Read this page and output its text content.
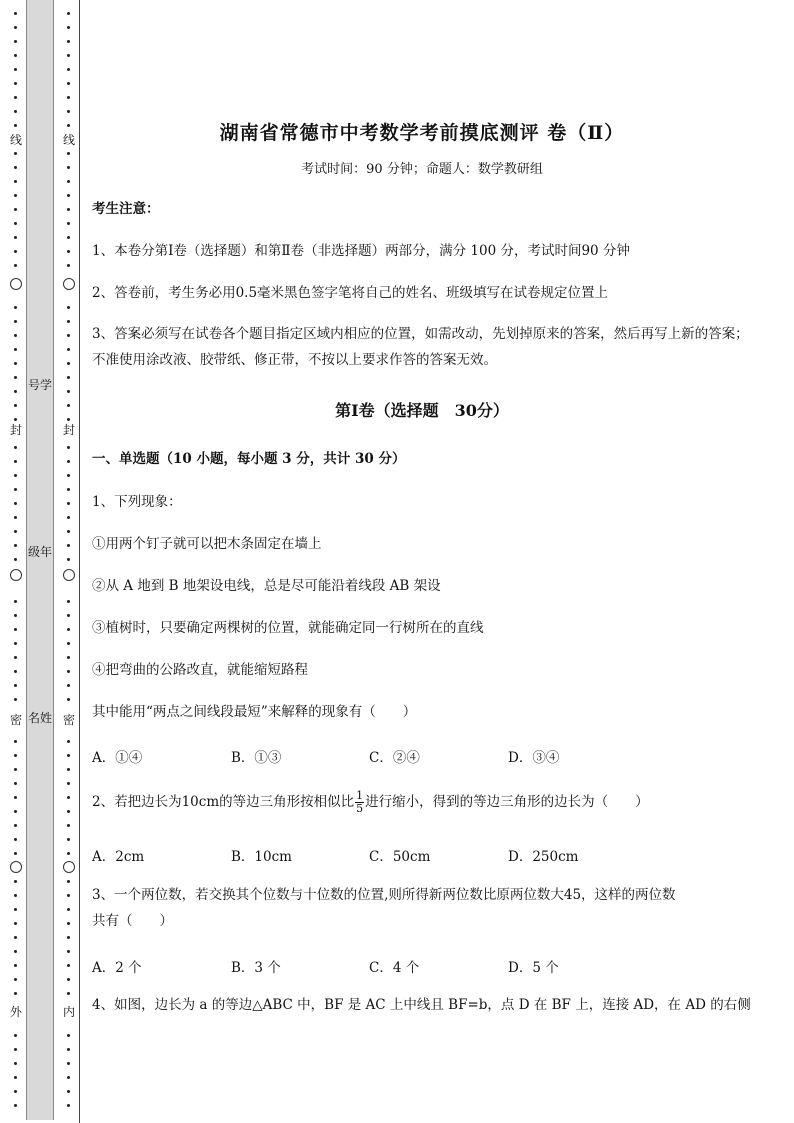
线
封
密
外
号学
级年
名姓
线
封
密
内
湖南省常德市中考数学考前摸底测评 卷（Ⅱ）
考试时间：90 分钟；命题人：数学教研组
考生注意：
1、本卷分第Ⅰ卷（选择题）和第Ⅱ卷（非选择题）两部分，满分 100 分，考试时间90 分钟
2、答卷前，考生务必用0.5毫米黑色签字笔将自己的姓名、班级填写在试卷规定位置上
3、答案必须写在试卷各个题目指定区域内相应的位置，如需改动，先划掉原来的答案，然后再写上新的答案；不准使用涂改液、胶带纸、修正带，不按以上要求作答的答案无效。
第Ⅰ卷（选择题　30分）
一、单选题（10 小题，每小题 3 分，共计 30 分）
1、下列现象：
①用两个钉子就可以把木条固定在墙上
②从 A 地到 B 地架设电线，总是尽可能沿着线段 AB 架设
③植树时，只要确定两棵树的位置，就能确定同一行树所在的直线
④把弯曲的公路改直，就能缩短路程
其中能用“两点之间线段最短”来解释的现象有（　　）
A．①④	B．①③	C．②④	D．③④
2、若把边长为10cm的等边三角形按相似比 $\frac{1}{5}$ 进行缩小，得到的等边三角形的边长为（　　）
A．2cm	B．10cm	C．50cm	D．250cm
3、一个两位数，若交换其个位数与十位数的位置,则所得新两位数比原两位数大45，这样的两位数
共有（　　）
A．2 个	B．3 个	C．4 个	D．5 个
4、如图，边长为 a 的等边△ABC 中，BF 是 AC 上中线且 BF=b，点 D 在 BF 上，连接 AD，在 AD 的右侧
